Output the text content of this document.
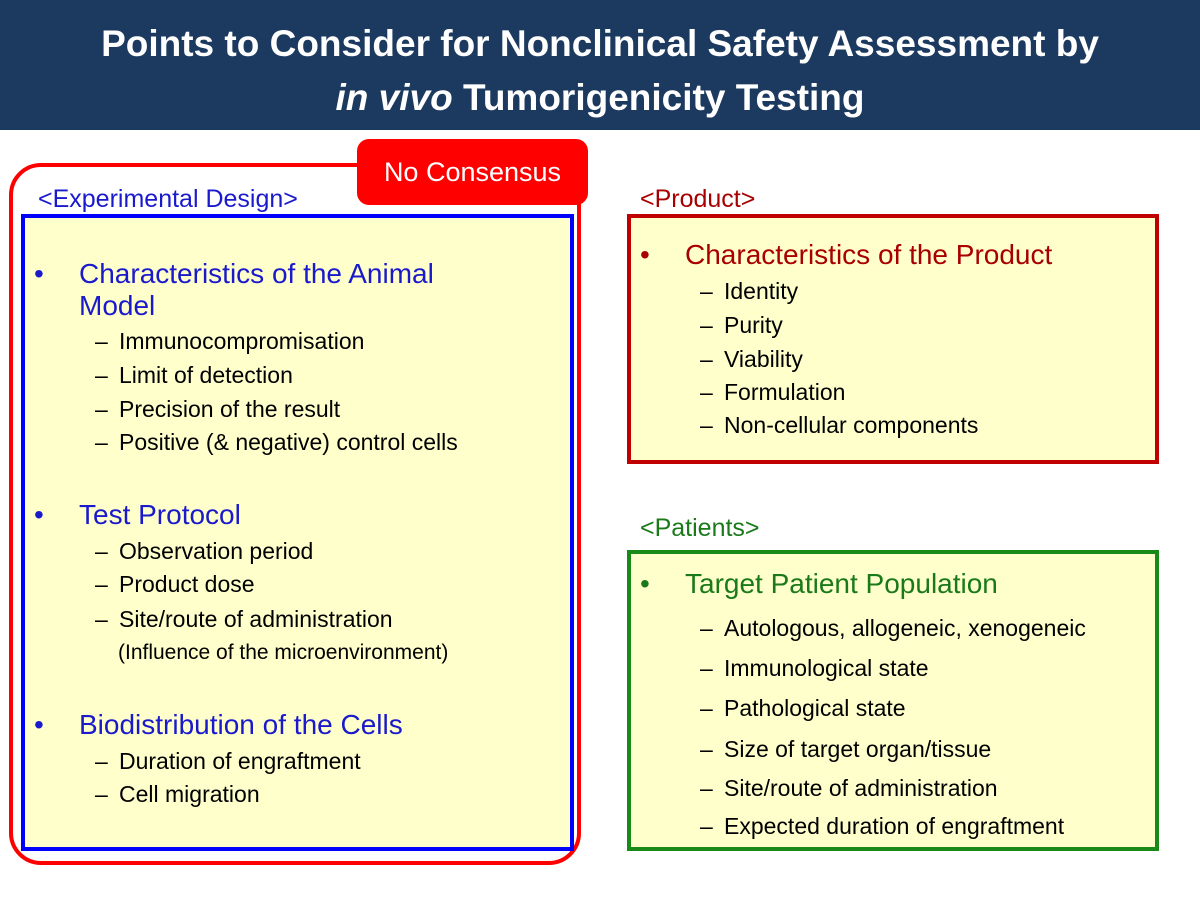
Points to Consider for Nonclinical Safety Assessment by
in vivo Tumorigenicity Testing
No Consensus
<Experimental Design>
• Characteristics of the Animal
Model
– Immunocompromisation
– Limit of detection
– Precision of the result
– Positive (& negative) control cells
• Test Protocol
– Observation period
– Product dose
– Site/route of administration
(Influence of the microenvironment)
• Biodistribution of the Cells
– Duration of engraftment
– Cell migration
<Product>
• Characteristics of the Product
– Identity
– Purity
– Viability
– Formulation
– Non-cellular components
<Patients>
• Target Patient Population
– Autologous, allogeneic, xenogeneic
– Immunological state
– Pathological state
– Size of target organ/tissue
– Site/route of administration
– Expected duration of engraftment
